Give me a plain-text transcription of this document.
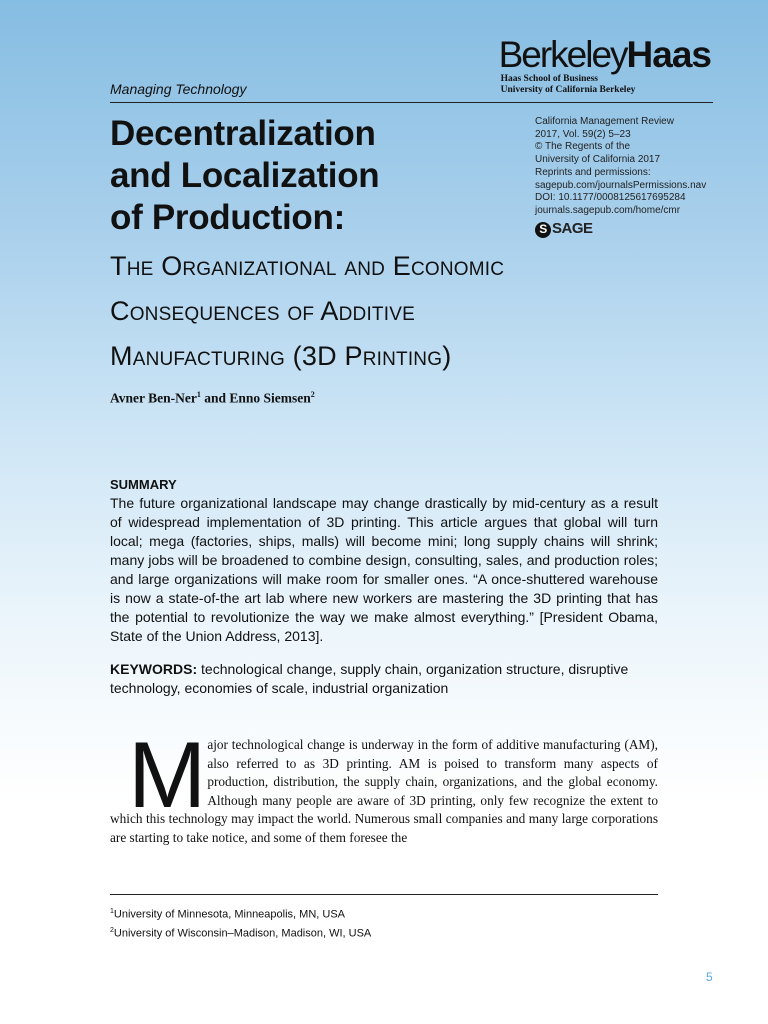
BerkeleyHaas
Haas School of Business
University of California Berkeley
Managing Technology
California Management Review
2017, Vol. 59(2) 5–23
© The Regents of the
University of California 2017
Reprints and permissions:
sagepub.com/journalsPermissions.nav
DOI: 10.1177/0008125617695284
journals.sagepub.com/home/cmr
S SAGE
Decentralization
and Localization
of Production:
The Organizational and Economic
Consequences of Additive
Manufacturing (3D Printing)
Avner Ben-Ner$^1$ and Enno Siemsen$^2$
SUMMARY
The future organizational landscape may change drastically by mid-century as a result of widespread implementation of 3D printing. This article argues that global will turn local; mega (factories, ships, malls) will become mini; long supply chains will shrink; many jobs will be broadened to combine design, consulting, sales, and production roles; and large organizations will make room for smaller ones. “A once-shuttered warehouse is now a state-of-the art lab where new workers are mastering the 3D printing that has the potential to revolutionize the way we make almost everything.” [President Obama, State of the Union Address, 2013].
KEYWORDS: technological change, supply chain, organization structure, disruptive technology, economies of scale, industrial organization
Major technological change is underway in the form of additive manufacturing (AM), also referred to as 3D printing. AM is poised to transform many aspects of production, distribution, the supply chain, organizations, and the global economy. Although many people are aware of 3D printing, only few recognize the extent to which this technology may impact the world. Numerous small companies and many large corporations are starting to take notice, and some of them foresee the
$^1$University of Minnesota, Minneapolis, MN, USA
$^2$University of Wisconsin–Madison, Madison, WI, USA
5
